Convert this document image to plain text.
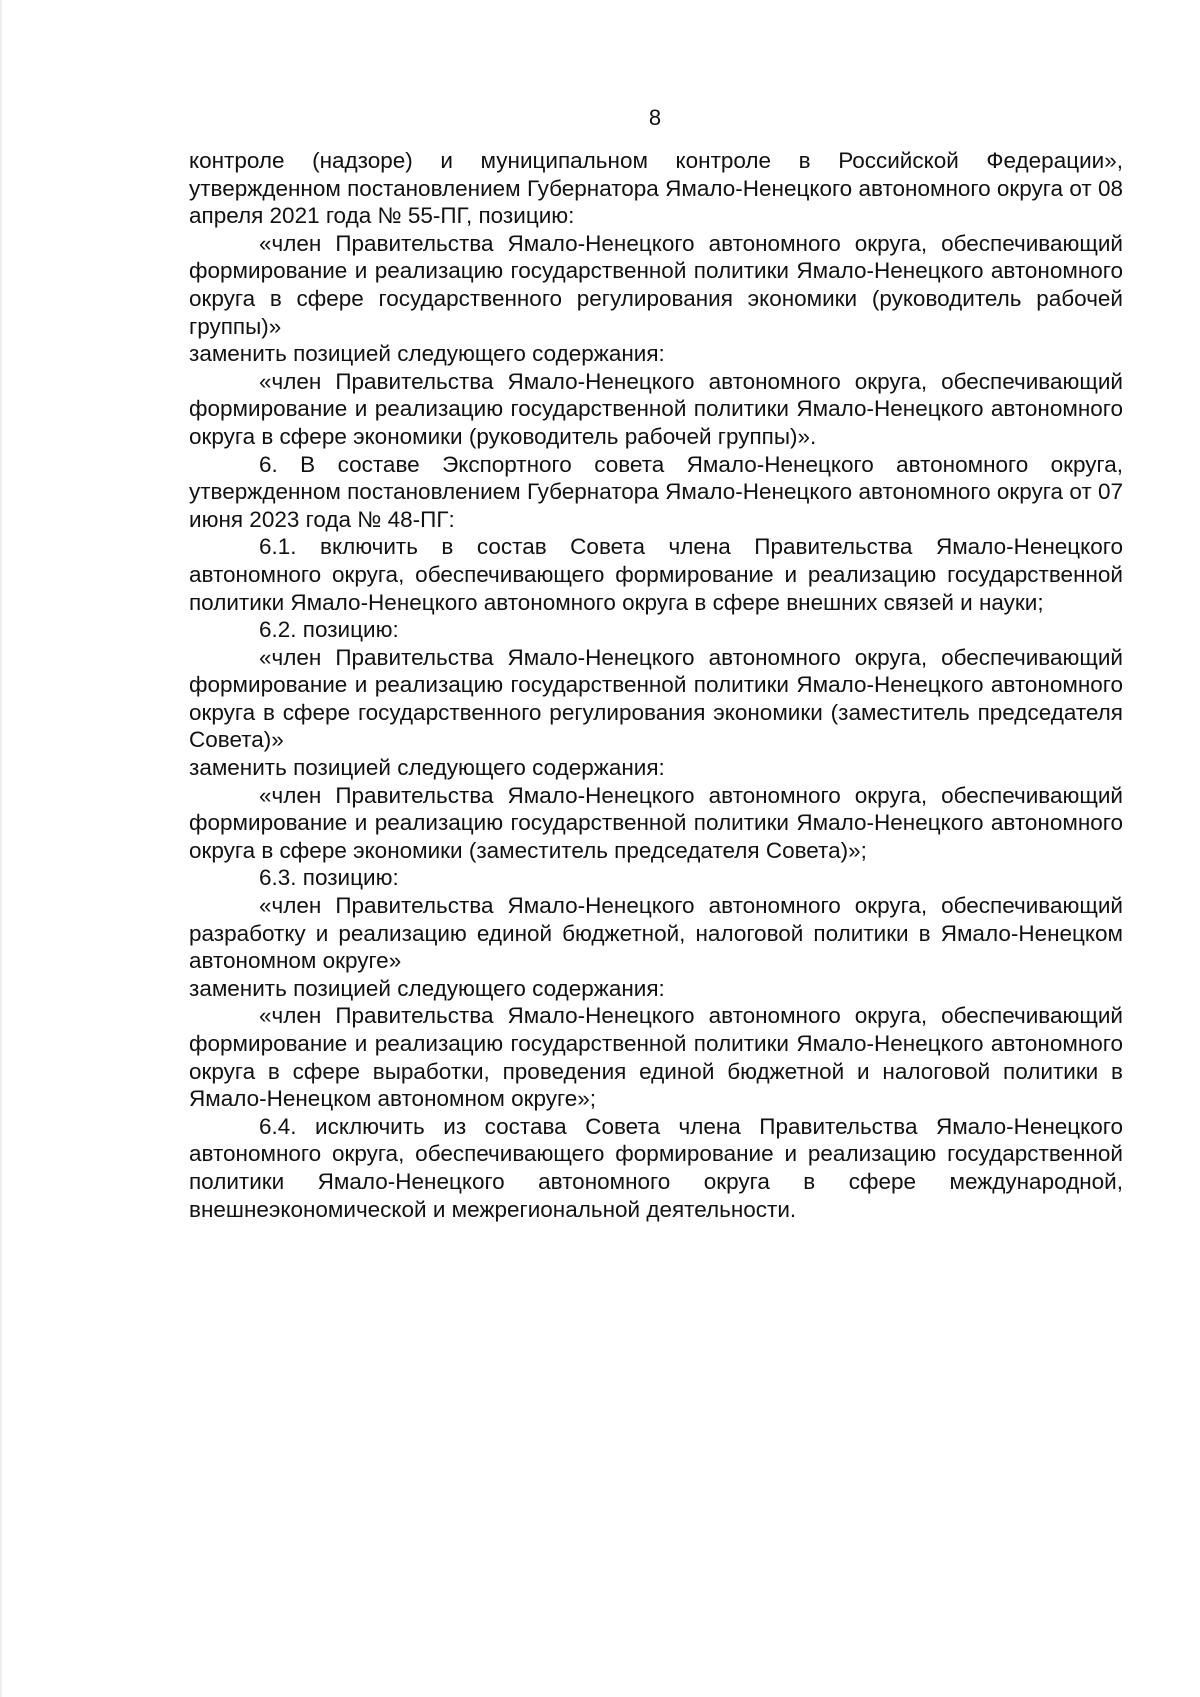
8

контроле (надзоре) и муниципальном контроле в Российской Федерации», утвержденном постановлением Губернатора Ямало-Ненецкого автономного округа от 08 апреля 2021 года № 55-ПГ, позицию:

«член Правительства Ямало-Ненецкого автономного округа, обеспечивающий формирование и реализацию государственной политики Ямало-Ненецкого автономного округа в сфере государственного регулирования экономики (руководитель рабочей группы)»

заменить позицией следующего содержания:

«член Правительства Ямало-Ненецкого автономного округа, обеспечивающий формирование и реализацию государственной политики Ямало-Ненецкого автономного округа в сфере экономики (руководитель рабочей группы)».

6. В составе Экспортного совета Ямало-Ненецкого автономного округа, утвержденном постановлением Губернатора Ямало-Ненецкого автономного округа от 07 июня 2023 года № 48-ПГ:

6.1. включить в состав Совета члена Правительства Ямало-Ненецкого автономного округа, обеспечивающего формирование и реализацию государственной политики Ямало-Ненецкого автономного округа в сфере внешних связей и науки;

6.2. позицию:

«член Правительства Ямало-Ненецкого автономного округа, обеспечивающий формирование и реализацию государственной политики Ямало-Ненецкого автономного округа в сфере государственного регулирования экономики (заместитель председателя Совета)»

заменить позицией следующего содержания:

«член Правительства Ямало-Ненецкого автономного округа, обеспечивающий формирование и реализацию государственной политики Ямало-Ненецкого автономного округа в сфере экономики (заместитель председателя Совета)»;

6.3. позицию:

«член Правительства Ямало-Ненецкого автономного округа, обеспечивающий разработку и реализацию единой бюджетной, налоговой политики в Ямало-Ненецком автономном округе»

заменить позицией следующего содержания:

«член Правительства Ямало-Ненецкого автономного округа, обеспечивающий формирование и реализацию государственной политики Ямало-Ненецкого автономного округа в сфере выработки, проведения единой бюджетной и налоговой политики в Ямало-Ненецком автономном округе»;

6.4. исключить из состава Совета члена Правительства Ямало-Ненецкого автономного округа, обеспечивающего формирование и реализацию государственной политики Ямало-Ненецкого автономного округа в сфере международной, внешнеэкономической и межрегиональной деятельности.
